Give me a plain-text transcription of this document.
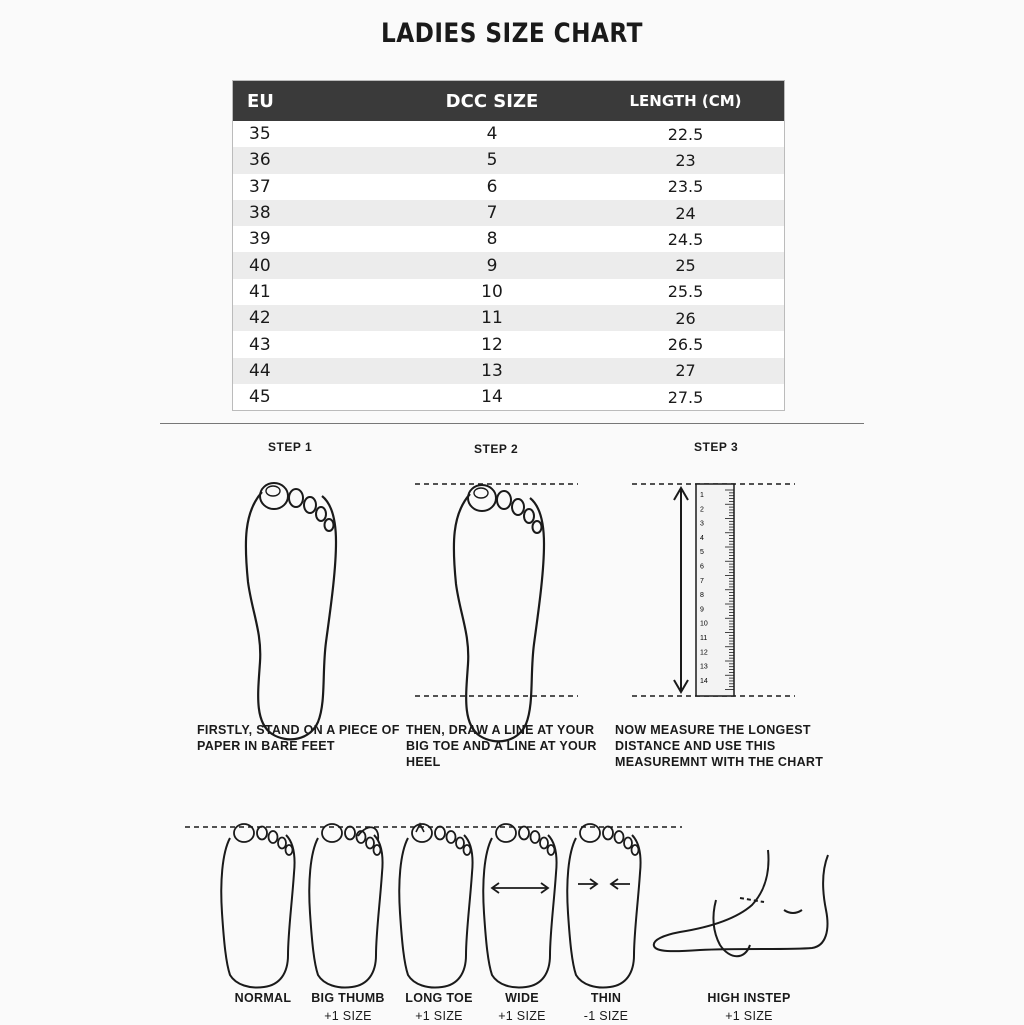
LADIES SIZE CHART
EU	DCC SIZE	LENGTH (CM)
35	4	22.5
36	5	23
37	6	23.5
38	7	24
39	8	24.5
40	9	25
41	10	25.5
42	11	26
43	12	26.5
44	13	27
45	14	27.5
STEP 1	STEP 2	STEP 3
FIRSTLY, STAND ON A PIECE OF PAPER IN BARE FEET
THEN, DRAW A LINE AT YOUR BIG TOE AND A LINE AT YOUR HEEL
NOW MEASURE THE LONGEST DISTANCE AND USE THIS MEASUREMNT WITH THE CHART
1
2
3
4
5
6
7
8
9
10
11
12
13
14
NORMAL	BIG THUMB
+1 SIZE
LONG TOE
+1 SIZE
WIDE
+1 SIZE
THIN
-1 SIZE
HIGH INSTEP
+1 SIZE
